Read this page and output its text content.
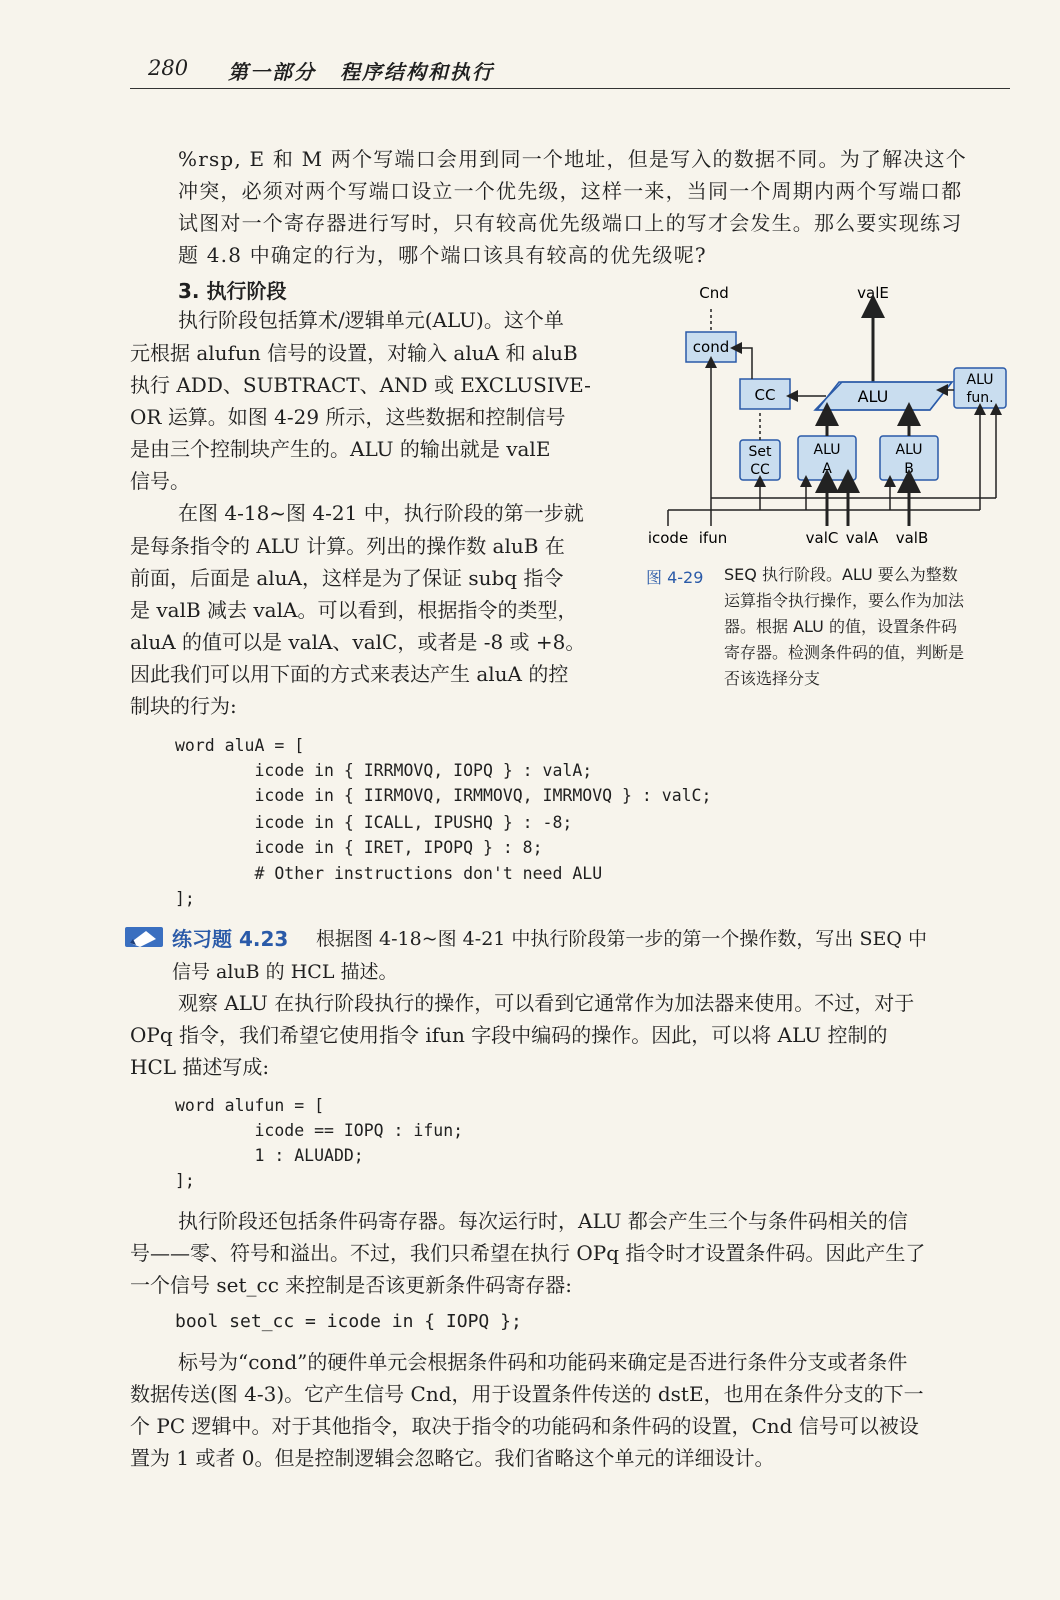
280 第一部分 程序结构和执行

%rsp, E 和 M 两个写端口会用到同一个地址，但是写入的数据不同。为了解决这个

冲突，必须对两个写端口设立一个优先级，这样一来，当同一个周期内两个写端口都

试图对一个寄存器进行写时，只有较高优先级端口上的写才会发生。那么要实现练习

题 4.8 中确定的行为，哪个端口该具有较高的优先级呢?

3. 执行阶段

执行阶段包括算术/逻辑单元(ALU)。这个单

元根据 alufun 信号的设置，对输入 aluA 和 aluB

执行 ADD、SUBTRACT、AND 或 EXCLUSIVE-

OR 运算。如图 4-29 所示，这些数据和控制信号

是由三个控制块产生的。ALU 的输出就是 valE

信号。

在图 4-18~图 4-21 中，执行阶段的第一步就

是每条指令的 ALU 计算。列出的操作数 aluB 在

前面，后面是 aluA，这样是为了保证 subq 指令

是 valB 减去 valA。可以看到，根据指令的类型，

aluA 的值可以是 valA、valC，或者是 -8 或 +8。

因此我们可以用下面的方式来表达产生 aluA 的控

制块的行为:

Cnd	valE
cond
CC	ALU
ALU
fun.
Set
CC
ALU
A
ALU
B
icode ifun	valC valA valB
图 4-29 SEQ 执行阶段。ALU 要么为整数
运算指令执行操作，要么作为加法
器。根据 ALU 的值，设置条件码
寄存器。检测条件码的值，判断是
否该选择分支
word aluA = [
icode in { IRRMOVQ, IOPQ } : valA;
icode in { IIRMOVQ, IRMMOVQ, IMRMOVQ } : valC;
icode in { ICALL, IPUSHQ } : -8;
icode in { IRET, IPOPQ } : 8;
# Other instructions don't need ALU
];
练习题 4.23 根据图 4-18~图 4-21 中执行阶段第一步的第一个操作数，写出 SEQ 中
信号 aluB 的 HCL 描述。

观察 ALU 在执行阶段执行的操作，可以看到它通常作为加法器来使用。不过，对于

OPq 指令，我们希望它使用指令 ifun 字段中编码的操作。因此，可以将 ALU 控制的

HCL 描述写成:

word alufun = [
icode == IOPQ : ifun;
1 : ALUADD;
];

执行阶段还包括条件码寄存器。每次运行时，ALU 都会产生三个与条件码相关的信

号——零、符号和溢出。不过，我们只希望在执行 OPq 指令时才设置条件码。因此产生了

一个信号 set_cc 来控制是否该更新条件码寄存器:

bool set_cc = icode in { IOPQ };

标号为“cond”的硬件单元会根据条件码和功能码来确定是否进行条件分支或者条件

数据传送(图 4-3)。它产生信号 Cnd，用于设置条件传送的 dstE，也用在条件分支的下一

个 PC 逻辑中。对于其他指令，取决于指令的功能码和条件码的设置，Cnd 信号可以被设

置为 1 或者 0。但是控制逻辑会忽略它。我们省略这个单元的详细设计。
